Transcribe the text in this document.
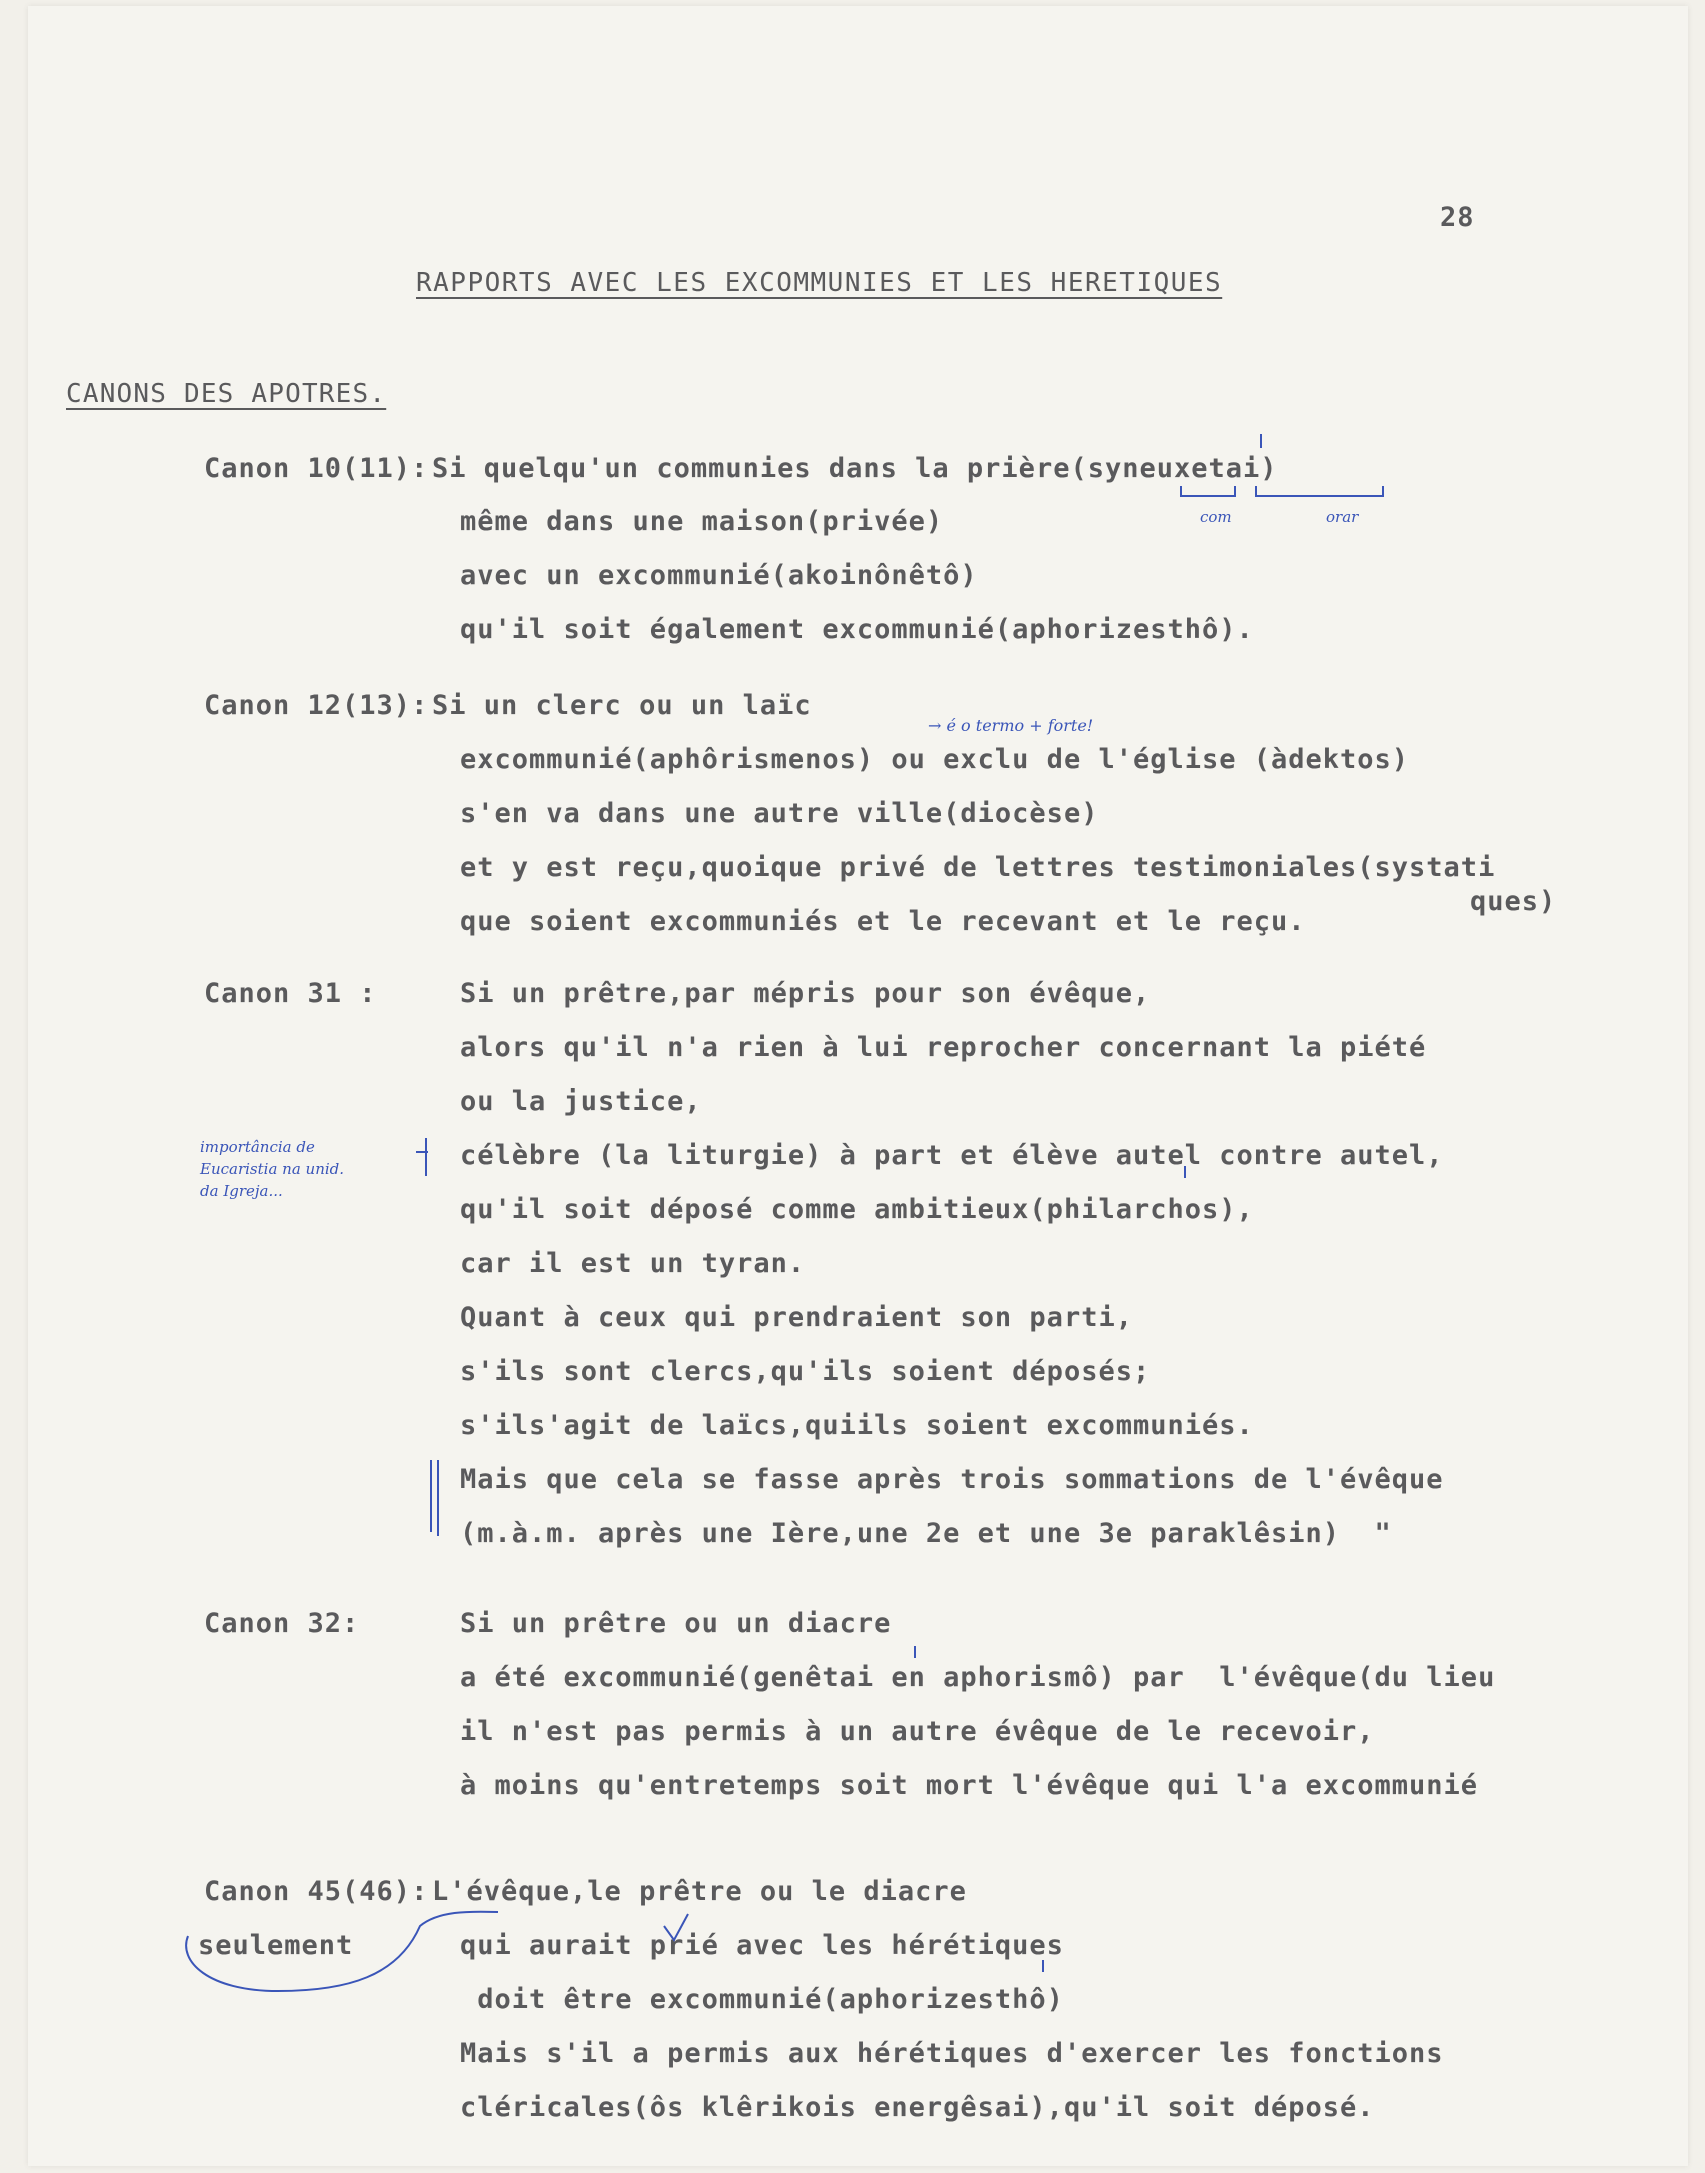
28
RAPPORTS AVEC LES EXCOMMUNIES ET LES HERETIQUES
CANONS DES APOTRES.
Canon 10(11): Si quelqu'un communies dans la prière(syneuxetai)
même dans une maison(privée)
avec un excommunié(akoinônêtô)
qu'il soit également excommunié(aphorizesthô).
Canon 12(13): Si un clerc ou un laïc
excommunié(aphôrismenos) ou exclu de l'église (àdektos)
s'en va dans une autre ville(diocèse)
et y est reçu,quoique privé de lettres testimoniales(systati
que soient excommuniés et le recevant et le reçu.
ques)
Canon 31 :	Si un prêtre,par mépris pour son évêque,
alors qu'il n'a rien à lui reprocher concernant la piété
ou la justice,
célèbre (la liturgie) à part et élève autel contre autel,
qu'il soit déposé comme ambitieux(philarchos),
car il est un tyran.
Quant à ceux qui prendraient son parti,
s'ils sont clercs,qu'ils soient déposés;
s'ils'agit de laïcs,quiils soient excommuniés.
Mais que cela se fasse après trois sommations de l'évêque
(m.à.m. après une Ière,une 2e et une 3e paraklêsin)  "
Canon 32:	Si un prêtre ou un diacre
a été excommunié(genêtai en aphorismô) par  l'évêque(du lieu
il n'est pas permis à un autre évêque de le recevoir,
à moins qu'entretemps soit mort l'évêque qui l'a excommunié
Canon 45(46): L'évêque,le prêtre ou le diacre
seulement	qui aurait prié avec les hérétiques
doit être excommunié(aphorizesthô)
Mais s'il a permis aux hérétiques d'exercer les fonctions
cléricales(ôs klêrikois energêsai),qu'il soit déposé.
com	orar
→ é o termo + forte!
importância de
Eucaristia na unid.
da Igreja...
